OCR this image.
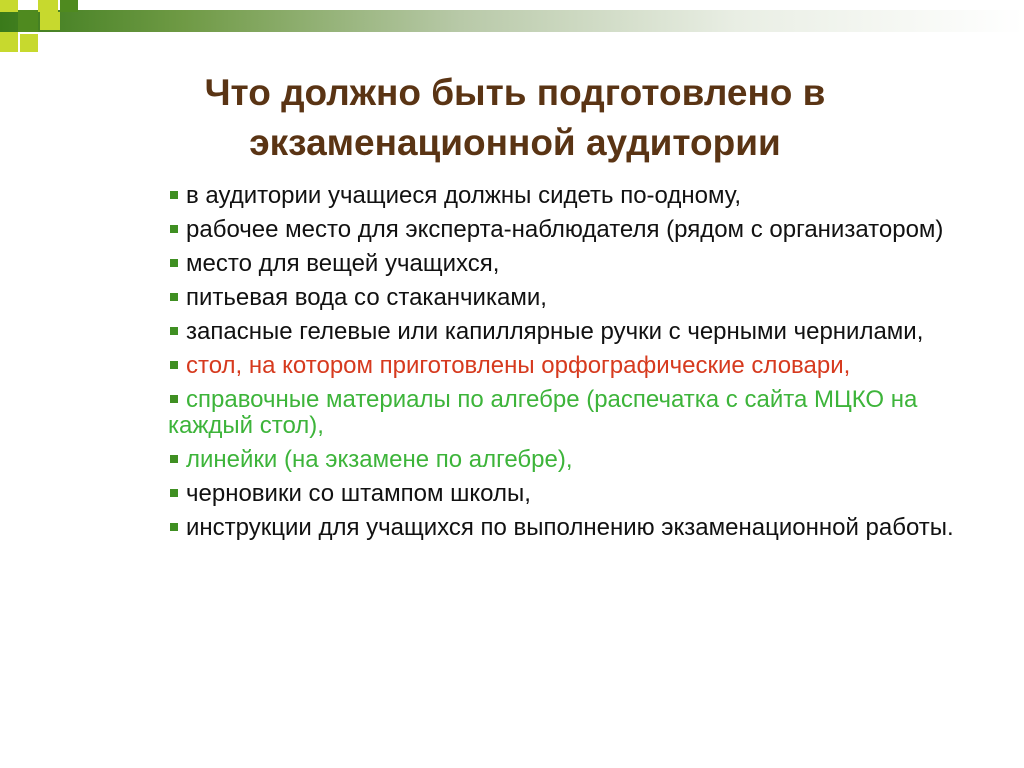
Что должно быть подготовлено в
экзаменационной аудитории
в аудитории учащиеся должны сидеть по-одному,
рабочее место для эксперта-наблюдателя (рядом с организатором)
место для вещей учащихся,
питьевая вода со стаканчиками,
запасные гелевые или капиллярные ручки с черными чернилами,
стол, на котором приготовлены орфографические словари,
справочные материалы по алгебре (распечатка с сайта МЦКО на каждый стол),
линейки (на экзамене по алгебре),
черновики со штампом школы,
инструкции для учащихся по выполнению экзаменационной работы.
